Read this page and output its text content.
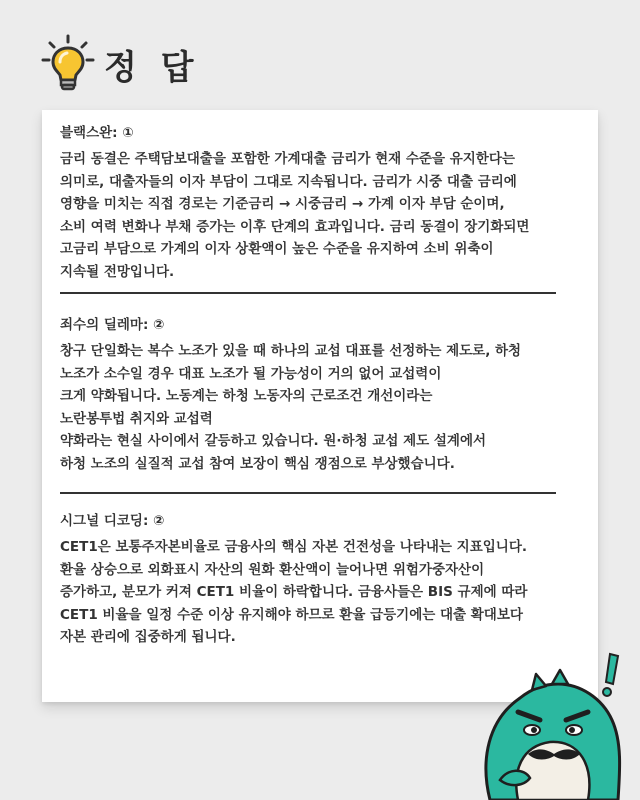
정 답

블랙스완: ①

금리 동결은 주택담보대출을 포함한 가계대출 금리가 현재 수준을 유지한다는
의미로, 대출자들의 이자 부담이 그대로 지속됩니다. 금리가 시중 대출 금리에
영향을 미치는 직접 경로는 기준금리 → 시중금리 → 가계 이자 부담 순이며,
소비 여력 변화나 부채 증가는 이후 단계의 효과입니다. 금리 동결이 장기화되면
고금리 부담으로 가계의 이자 상환액이 높은 수준을 유지하여 소비 위축이
지속될 전망입니다.

죄수의 딜레마: ②

창구 단일화는 복수 노조가 있을 때 하나의 교섭 대표를 선정하는 제도로, 하청
노조가 소수일 경우 대표 노조가 될 가능성이 거의 없어 교섭력이
크게 약화됩니다. 노동계는 하청 노동자의 근로조건 개선이라는
노란봉투법 취지와 교섭력
약화라는 현실 사이에서 갈등하고 있습니다. 원·하청 교섭 제도 설계에서
하청 노조의 실질적 교섭 참여 보장이 핵심 쟁점으로 부상했습니다.

시그널 디코딩: ②

CET1은 보통주자본비율로 금융사의 핵심 자본 건전성을 나타내는 지표입니다.
환율 상승으로 외화표시 자산의 원화 환산액이 늘어나면 위험가중자산이
증가하고, 분모가 커져 CET1 비율이 하락합니다. 금융사들은 BIS 규제에 따라
CET1 비율을 일정 수준 이상 유지해야 하므로 환율 급등기에는 대출 확대보다
자본 관리에 집중하게 됩니다.
